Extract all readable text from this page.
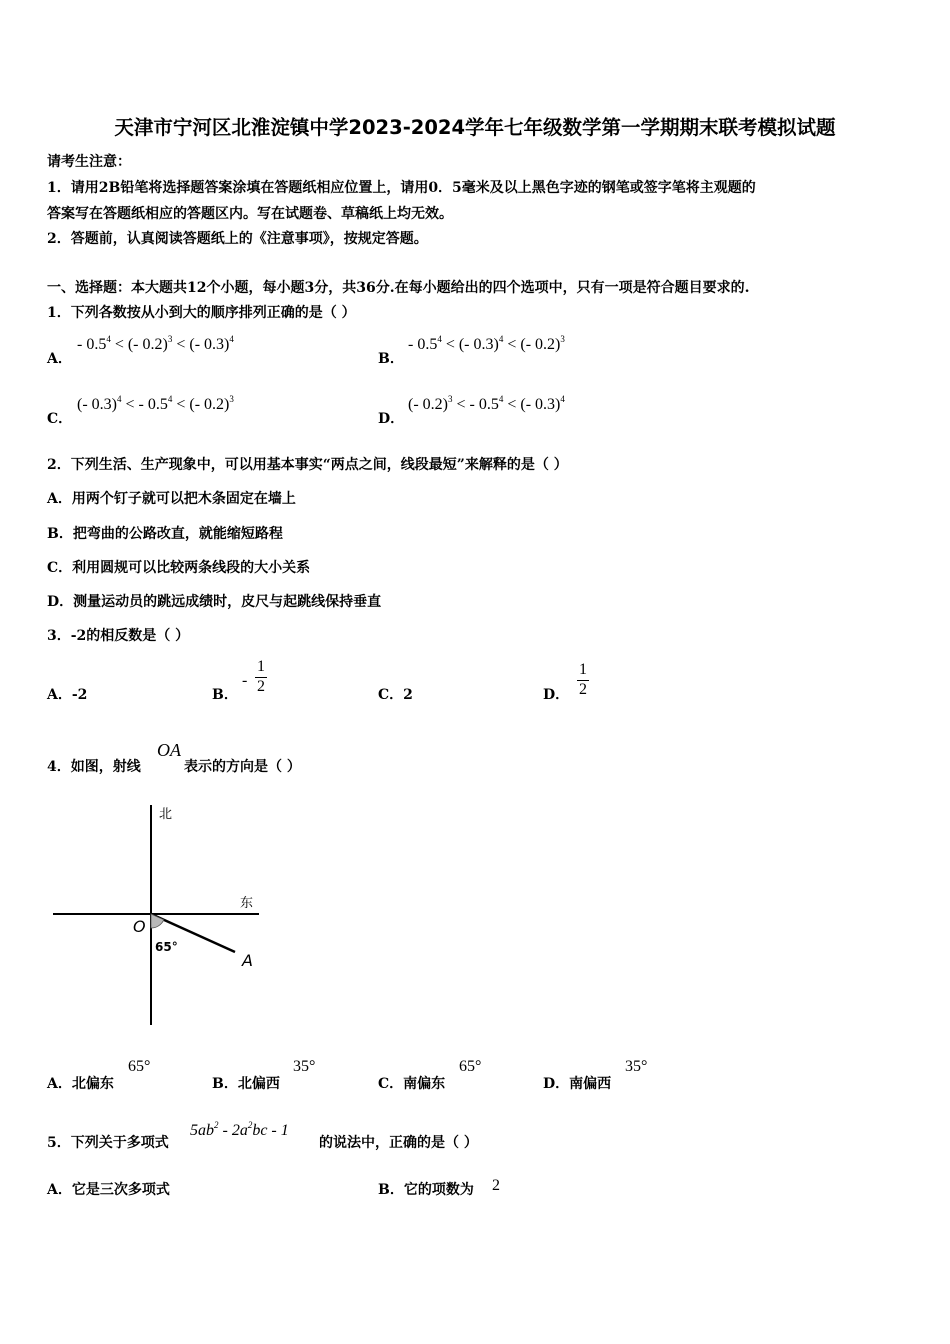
天津市宁河区北淮淀镇中学2023-2024学年七年级数学第一学期期末联考模拟试题
请考生注意：
1．请用2B铅笔将选择题答案涂填在答题纸相应位置上，请用0．5毫米及以上黑色字迹的钢笔或签字笔将主观题的
答案写在答题纸相应的答题区内。写在试题卷、草稿纸上均无效。
2．答题前，认真阅读答题纸上的《注意事项》，按规定答题。
一、选择题：本大题共12个小题，每小题3分，共36分.在每小题给出的四个选项中，只有一项是符合题目要求的.
1．下列各数按从小到大的顺序排列正确的是（ ）
A．
- $0.5^4$ < (- 0.2)$^3$ < (- 0.3)$^4$
B．
- $0.5^4$ < (- 0.3)$^4$ < (- 0.2)$^3$
C．
(- 0.3)$^4$ < - $0.5^4$ < (- 0.2)$^3$
D．
(- 0.2)$^3$ < - $0.5^4$ < (- 0.3)$^4$
2．下列生活、生产现象中，可以用基本事实“两点之间，线段最短”来解释的是（ ）
A．用两个钉子就可以把木条固定在墙上
B．把弯曲的公路改直，就能缩短路程
C．利用圆规可以比较两条线段的大小关系
D．测量运动员的跳远成绩时，皮尺与起跳线保持垂直
3．-2的相反数是（ ）
A．-2	B．
-
1
2	C．2	D．
1
2
4．如图，射线
OA
表示的方向是（ ）
北
东
O
A
65°
A．北偏东
65°
B．北偏西
35°
C．南偏东
65°
D．南偏西
35°
5．下列关于多项式
$5ab^2 - 2a^2bc - 1$
的说法中，正确的是（ ）
A．它是三次多项式	B．它的项数为 2
